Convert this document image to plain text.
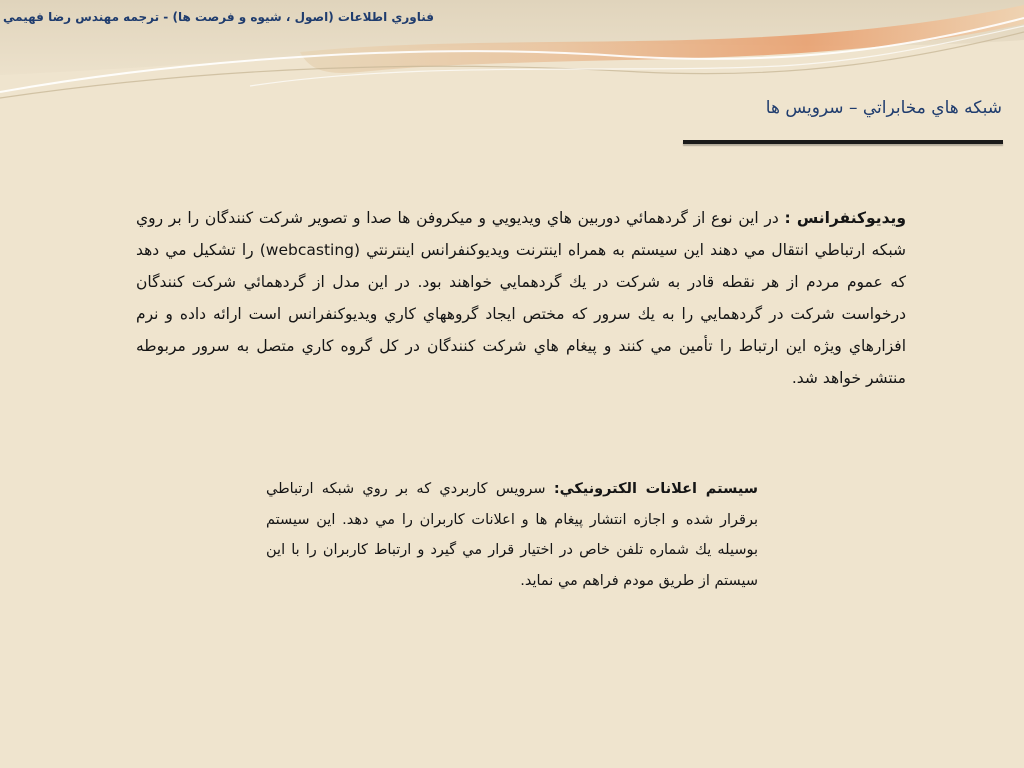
فناوري اطلاعات (اصول ، شيوه و فرصت ها) - ترجمه مهندس رضا فهيمي
شبكه هاي مخابراتي – سرويس ها
ويديوكنفرانس : در اين نوع از گردهمائي دوربين هاي ويديويي و ميكروفن ها صدا و تصوير شركت كنندگان را بر روي شبكه ارتباطي انتقال مي دهند اين سيستم به همراه اينترنت ويديوكنفرانس اينترنتي (webcasting) را تشكيل مي دهد كه عموم مردم از هر نقطه قادر به شركت در يك گردهمايي خواهند بود. در اين مدل از گردهمائي شركت كنندگان درخواست شركت در گردهمايي را به يك سرور كه مختص ايجاد گروههاي كاري ويديوكنفرانس است ارائه داده و نرم افزارهاي ويژه اين ارتباط را تأمين مي كنند و پيغام هاي شركت كنندگان در كل گروه كاري متصل به سرور مربوطه منتشر خواهد شد.
سيستم اعلانات الكترونيكي: سرويس كاربردي كه بر روي شبكه ارتباطي برقرار شده و اجازه انتشار پيغام ها و اعلانات كاربران را مي دهد. اين سيستم بوسيله يك شماره تلفن خاص در اختيار قرار مي گيرد و ارتباط كاربران را با اين سيستم از طريق مودم فراهم مي نمايد.
